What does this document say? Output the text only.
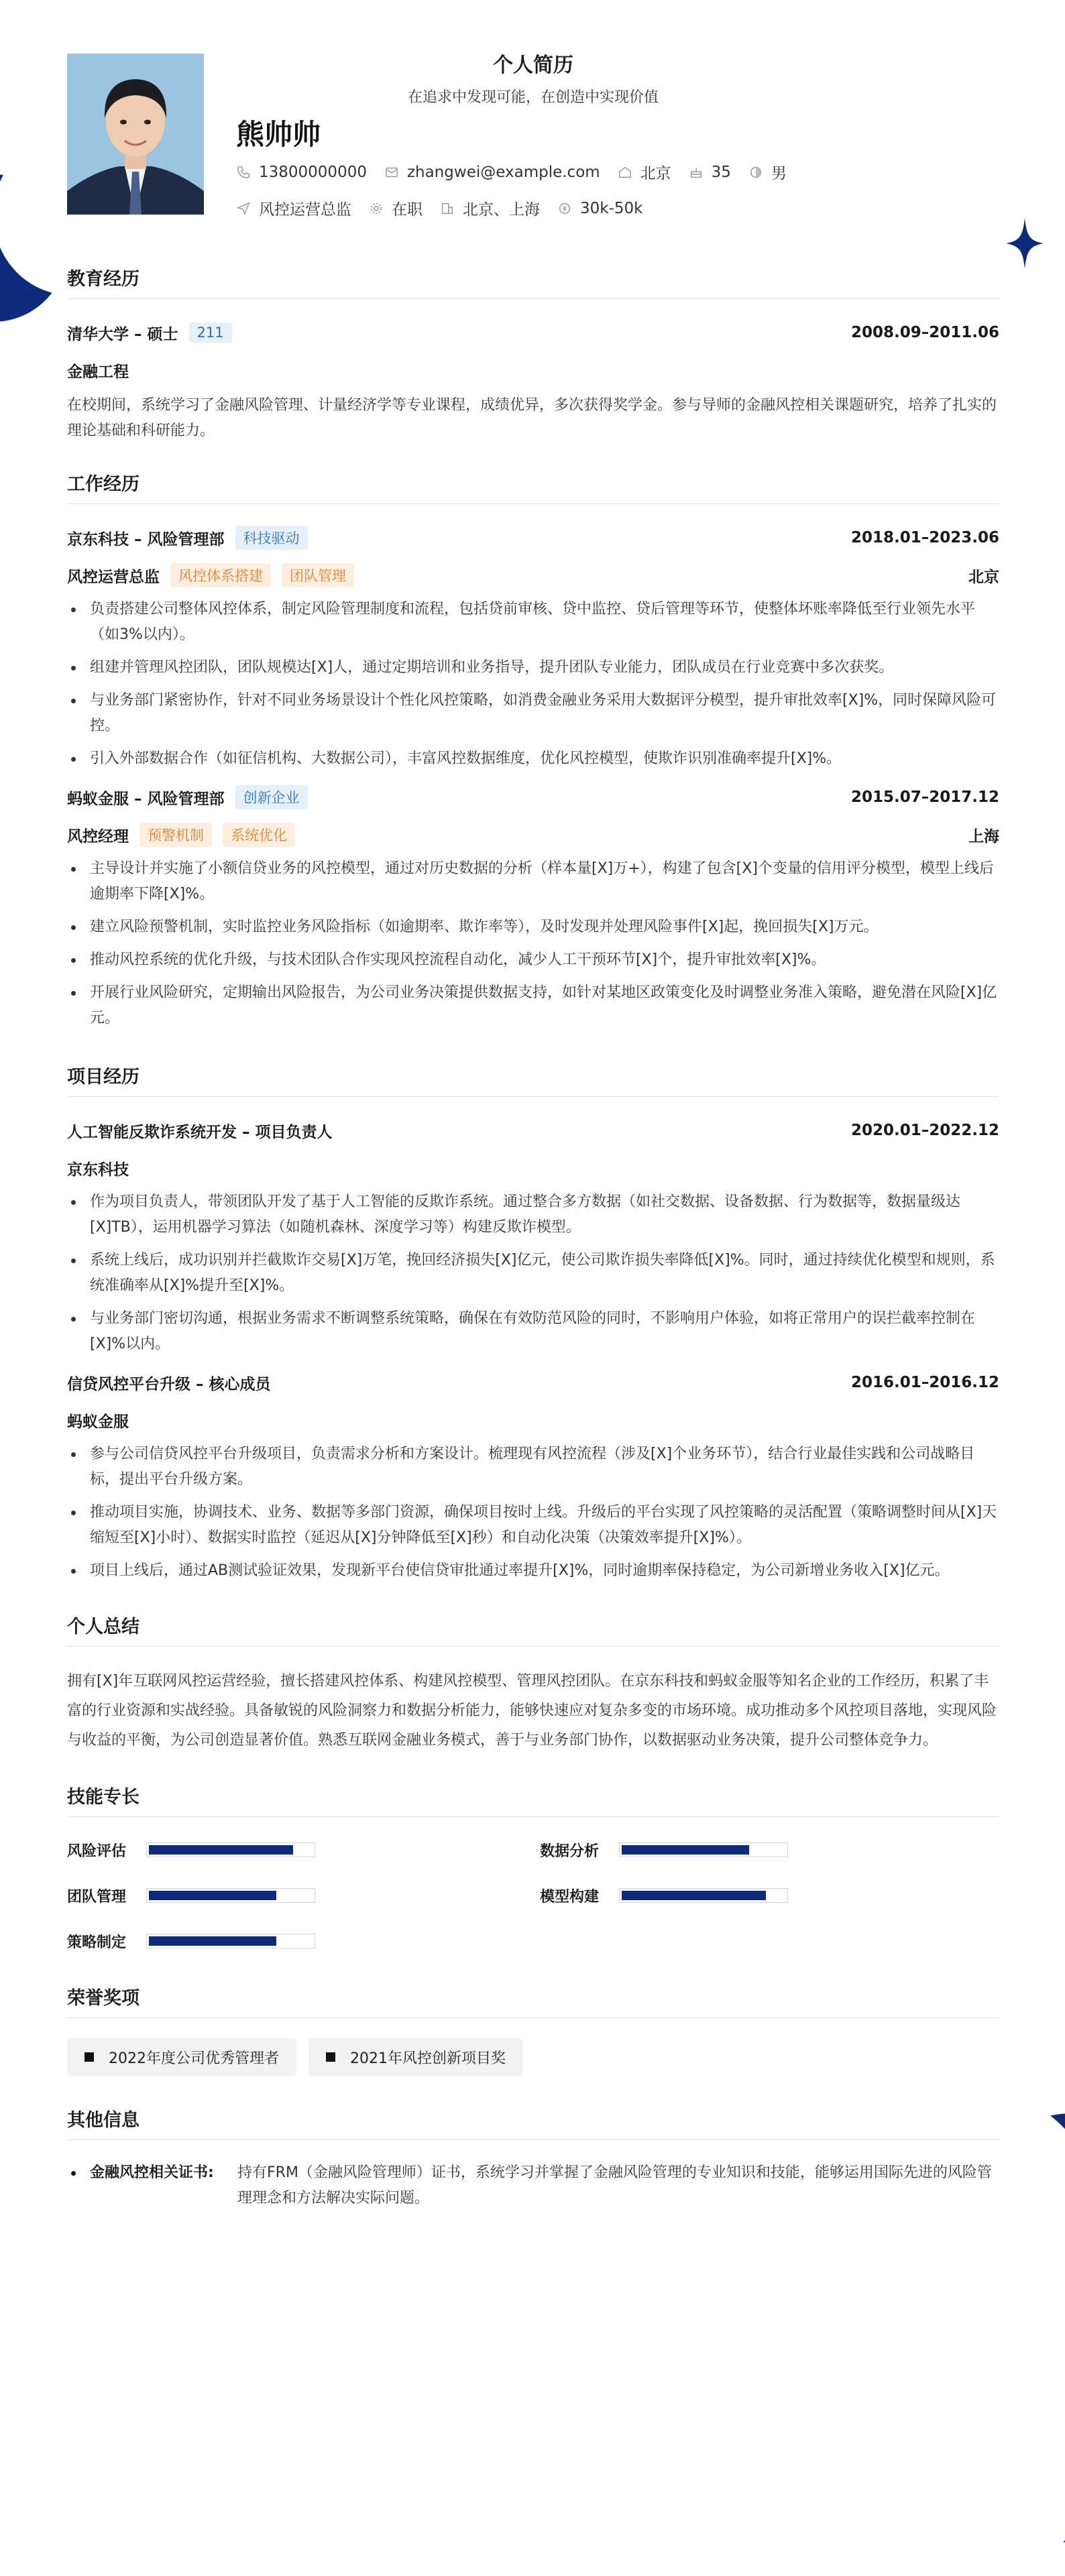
个人简历
在追求中发现可能，在创造中实现价值
熊帅帅
13800000000	zhangwei@example.com	北京	35	男
风控运营总监	在职	北京、上海	30k-50k
教育经历
清华大学 – 硕士	211	2008.09–2011.06
金融工程

在校期间，系统学习了金融风险管理、计量经济学等专业课程，成绩优异，多次获得奖学金。参与导师的金融风控相关课题研究，培养了扎实的理论基础和科研能力。

工作经历
京东科技 – 风险管理部	科技驱动	2018.01–2023.06
风控运营总监	风控体系搭建	团队管理	北京
负责搭建公司整体风控体系，制定风险管理制度和流程，包括贷前审核、贷中监控、贷后管理等环节，使整体坏账率降低至行业领先水平（如3%以内）。
组建并管理风控团队，团队规模达[X]人，通过定期培训和业务指导，提升团队专业能力，团队成员在行业竞赛中多次获奖。
与业务部门紧密协作，针对不同业务场景设计个性化风控策略，如消费金融业务采用大数据评分模型，提升审批效率[X]%，同时保障风险可控。
引入外部数据合作（如征信机构、大数据公司），丰富风控数据维度，优化风控模型，使欺诈识别准确率提升[X]%。
蚂蚁金服 – 风险管理部	创新企业	2015.07–2017.12
风控经理	预警机制	系统优化	上海
主导设计并实施了小额信贷业务的风控模型，通过对历史数据的分析（样本量[X]万+），构建了包含[X]个变量的信用评分模型，模型上线后逾期率下降[X]%。
建立风险预警机制，实时监控业务风险指标（如逾期率、欺诈率等），及时发现并处理风险事件[X]起，挽回损失[X]万元。
推动风控系统的优化升级，与技术团队合作实现风控流程自动化，减少人工干预环节[X]个，提升审批效率[X]%。
开展行业风险研究，定期输出风险报告，为公司业务决策提供数据支持，如针对某地区政策变化及时调整业务准入策略，避免潜在风险[X]亿元。
项目经历
人工智能反欺诈系统开发 – 项目负责人	2020.01–2022.12
京东科技
作为项目负责人，带领团队开发了基于人工智能的反欺诈系统。通过整合多方数据（如社交数据、设备数据、行为数据等，数据量级达[X]TB），运用机器学习算法（如随机森林、深度学习等）构建反欺诈模型。
系统上线后，成功识别并拦截欺诈交易[X]万笔，挽回经济损失[X]亿元，使公司欺诈损失率降低[X]%。同时，通过持续优化模型和规则，系统准确率从[X]%提升至[X]%。
与业务部门密切沟通，根据业务需求不断调整系统策略，确保在有效防范风险的同时，不影响用户体验，如将正常用户的误拦截率控制在[X]%以内。
信贷风控平台升级 – 核心成员	2016.01–2016.12
蚂蚁金服
参与公司信贷风控平台升级项目，负责需求分析和方案设计。梳理现有风控流程（涉及[X]个业务环节），结合行业最佳实践和公司战略目标，提出平台升级方案。
推动项目实施，协调技术、业务、数据等多部门资源，确保项目按时上线。升级后的平台实现了风控策略的灵活配置（策略调整时间从[X]天缩短至[X]小时）、数据实时监控（延迟从[X]分钟降低至[X]秒）和自动化决策（决策效率提升[X]%）。
项目上线后，通过AB测试验证效果，发现新平台使信贷审批通过率提升[X]%，同时逾期率保持稳定，为公司新增业务收入[X]亿元。
个人总结

拥有[X]年互联网风控运营经验，擅长搭建风控体系、构建风控模型、管理风控团队。在京东科技和蚂蚁金服等知名企业的工作经历，积累了丰富的行业资源和实战经验。具备敏锐的风险洞察力和数据分析能力，能够快速应对复杂多变的市场环境。成功推动多个风控项目落地，实现风险与收益的平衡，为公司创造显著价值。熟悉互联网金融业务模式，善于与业务部门协作，以数据驱动业务决策，提升公司整体竞争力。

技能专长
风险评估	数据分析
团队管理	模型构建
策略制定
荣誉奖项
2022年度公司优秀管理者	2021年风控创新项目奖
其他信息
金融风控相关证书:	持有FRM（金融风险管理师）证书，系统学习并掌握了金融风险管理的专业知识和技能，能够运用国际先进的风险管理理念和方法解决实际问题。
